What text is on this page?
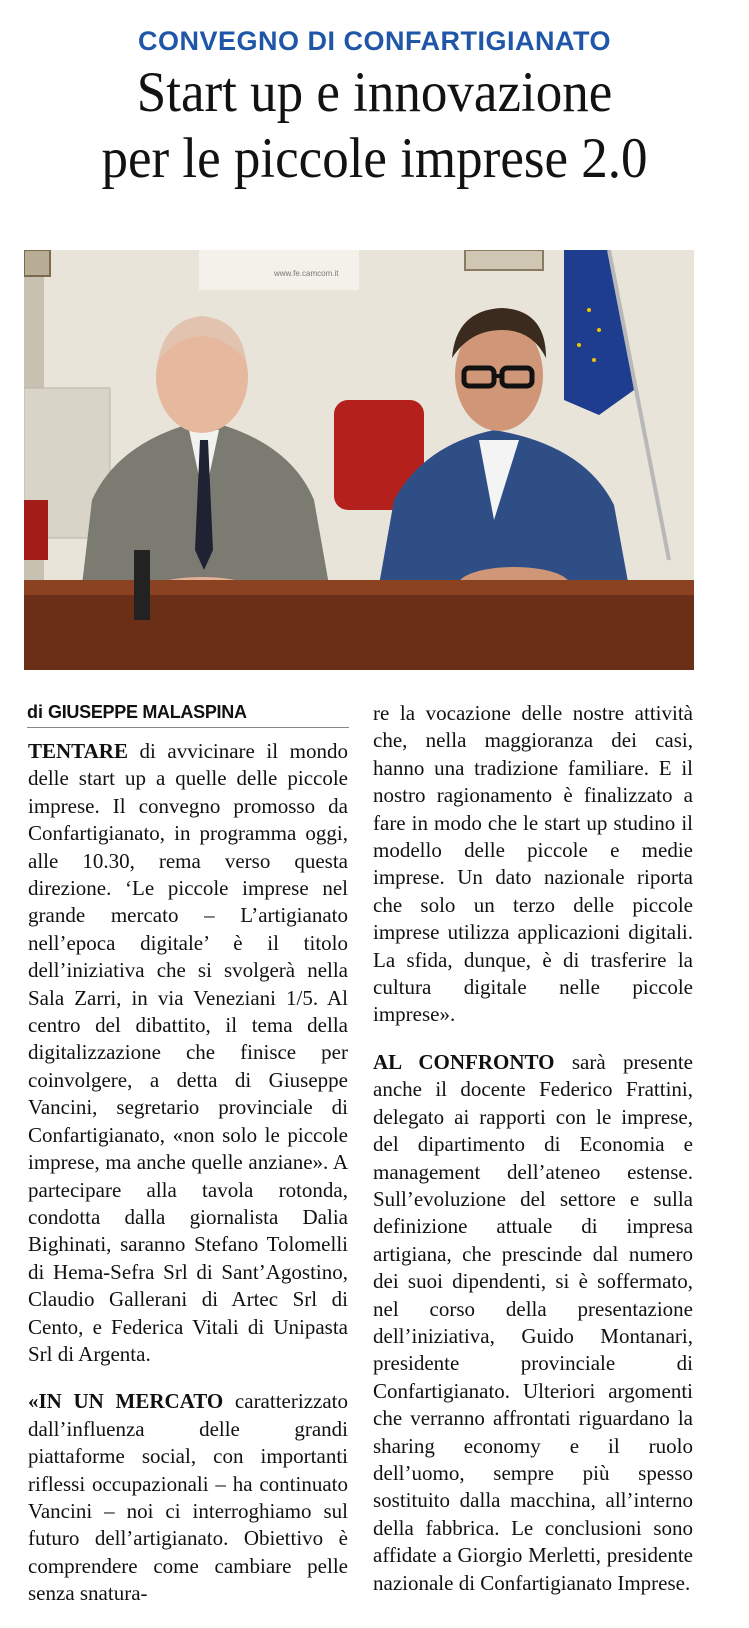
CONVEGNO DI CONFARTIGIANATO
Start up e innovazione
per le piccole imprese 2.0
www.fe.camcom.it
di GIUSEPPE MALASPINA

TENTARE di avvicinare il mondo delle start up a quelle delle piccole imprese. Il convegno promosso da Confartigianato, in programma oggi, alle 10.30, rema verso questa direzione. ‘Le piccole imprese nel grande mercato – L’artigianato nell’epoca digitale’ è il titolo dell’iniziativa che si svolgerà nella Sala Zarri, in via Veneziani 1/5. Al centro del dibattito, il tema della digitalizzazione che finisce per coinvolgere, a detta di Giuseppe Vancini, segretario provinciale di Confartigianato, «non solo le piccole imprese, ma anche quelle anziane». A partecipare alla tavola rotonda, condotta dalla giornalista Dalia Bighinati, saranno Stefano Tolomelli di Hema-Sefra Srl di Sant’Agostino, Claudio Gallerani di Artec Srl di Cento, e Federica Vitali di Unipasta Srl di Argenta.

«IN UN MERCATO caratterizzato dall’influenza delle grandi piattaforme social, con importanti riflessi occupazionali – ha continuato Vancini – noi ci interroghiamo sul futuro dell’artigianato. Obiettivo è comprendere come cambiare pelle senza snatura-

re la vocazione delle nostre attività che, nella maggioranza dei casi, hanno una tradizione familiare. E il nostro ragionamento è finalizzato a fare in modo che le start up studino il modello delle piccole e medie imprese. Un dato nazionale riporta che solo un terzo delle piccole imprese utilizza applicazioni digitali. La sfida, dunque, è di trasferire la cultura digitale nelle piccole imprese».

AL CONFRONTO sarà presente anche il docente Federico Frattini, delegato ai rapporti con le imprese, del dipartimento di Economia e management dell’ateneo estense. Sull’evoluzione del settore e sulla definizione attuale di impresa artigiana, che prescinde dal numero dei suoi dipendenti, si è soffermato, nel corso della presentazione dell’iniziativa, Guido Montanari, presidente provinciale di Confartigianato. Ulteriori argomenti che verranno affrontati riguardano la sharing economy e il ruolo dell’uomo, sempre più spesso sostituito dalla macchina, all’interno della fabbrica. Le conclusioni sono affidate a Giorgio Merletti, presidente nazionale di Confartigianato Imprese.
